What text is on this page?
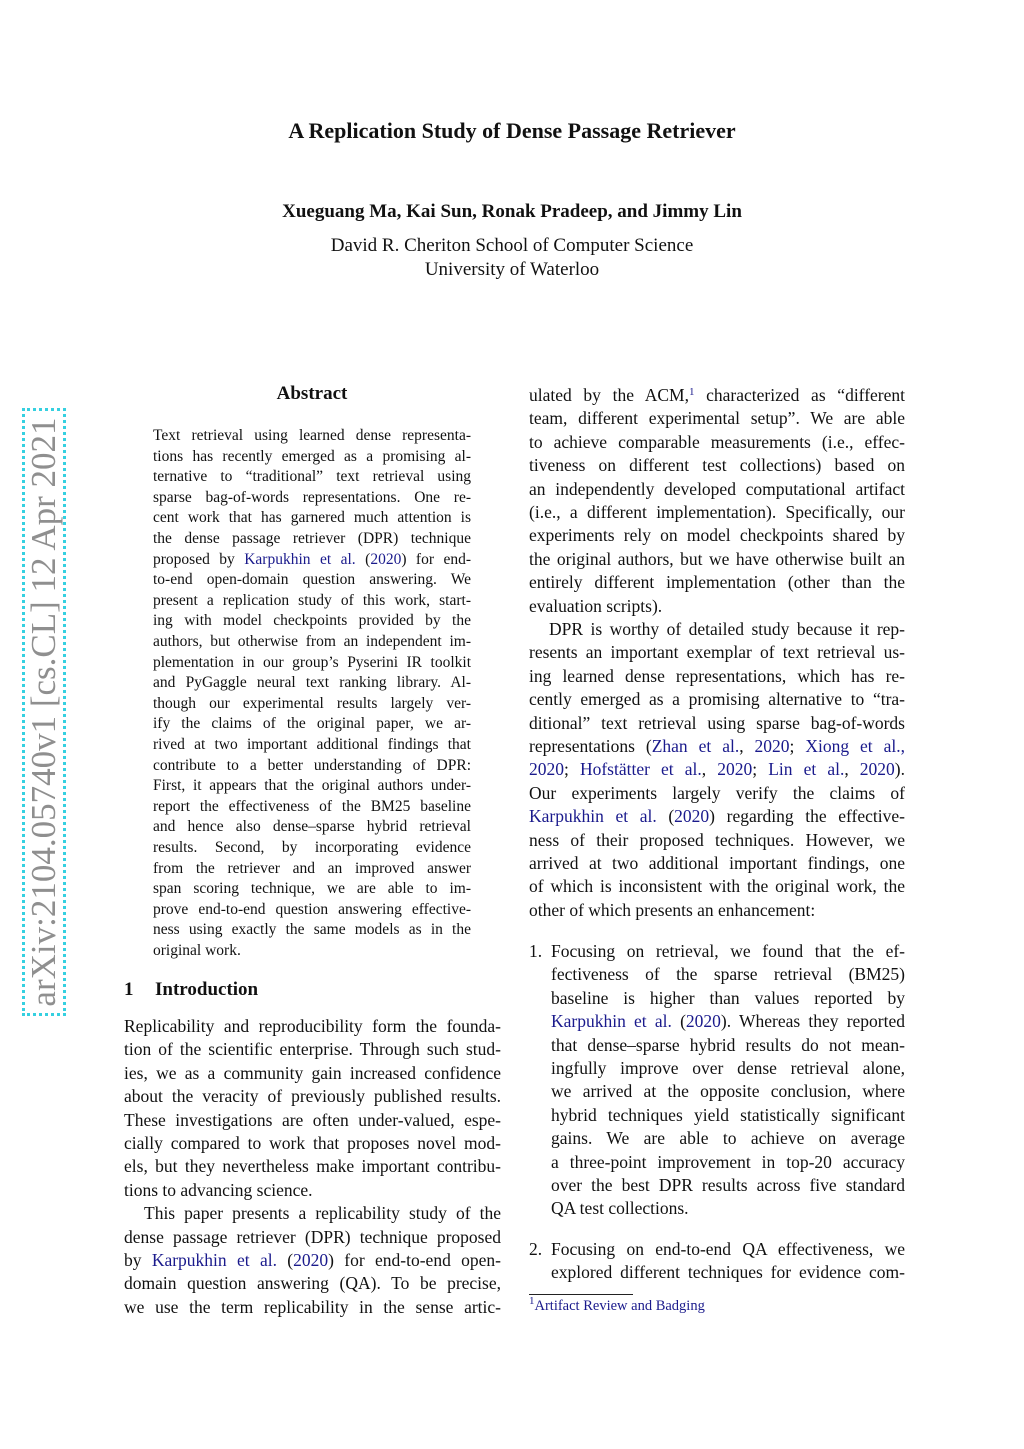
arXiv:2104.05740v1 [cs.CL] 12 Apr 2021
A Replication Study of Dense Passage Retriever
Xueguang Ma, Kai Sun, Ronak Pradeep, and Jimmy Lin
David R. Cheriton School of Computer Science
University of Waterloo
Abstract
Text retrieval using learned dense representa-
tions has recently emerged as a promising al-
ternative to “traditional” text retrieval using
sparse bag-of-words representations. One re-
cent work that has garnered much attention is
the dense passage retriever (DPR) technique
proposed by Karpukhin et al. (2020) for end-
to-end open-domain question answering. We
present a replication study of this work, start-
ing with model checkpoints provided by the
authors, but otherwise from an independent im-
plementation in our group’s Pyserini IR toolkit
and PyGaggle neural text ranking library. Al-
though our experimental results largely ver-
ify the claims of the original paper, we ar-
rived at two important additional findings that
contribute to a better understanding of DPR:
First, it appears that the original authors under-
report the effectiveness of the BM25 baseline
and hence also dense–sparse hybrid retrieval
results. Second, by incorporating evidence
from the retriever and an improved answer
span scoring technique, we are able to im-
prove end-to-end question answering effective-
ness using exactly the same models as in the
original work.
1 Introduction
Replicability and reproducibility form the founda-
tion of the scientific enterprise. Through such stud-
ies, we as a community gain increased confidence
about the veracity of previously published results.
These investigations are often under-valued, espe-
cially compared to work that proposes novel mod-
els, but they nevertheless make important contribu-
tions to advancing science.
This paper presents a replicability study of the
dense passage retriever (DPR) technique proposed
by Karpukhin et al. (2020) for end-to-end open-
domain question answering (QA). To be precise,
we use the term replicability in the sense artic-
ulated by the ACM,$^1$ characterized as “different
team, different experimental setup”. We are able
to achieve comparable measurements (i.e., effec-
tiveness on different test collections) based on
an independently developed computational artifact
(i.e., a different implementation). Specifically, our
experiments rely on model checkpoints shared by
the original authors, but we have otherwise built an
entirely different implementation (other than the
evaluation scripts).
DPR is worthy of detailed study because it rep-
resents an important exemplar of text retrieval us-
ing learned dense representations, which has re-
cently emerged as a promising alternative to “tra-
ditional” text retrieval using sparse bag-of-words
representations (Zhan et al., 2020; Xiong et al.,
2020; Hofstätter et al., 2020; Lin et al., 2020).
Our experiments largely verify the claims of
Karpukhin et al. (2020) regarding the effective-
ness of their proposed techniques. However, we
arrived at two additional important findings, one
of which is inconsistent with the original work, the
other of which presents an enhancement:
1. Focusing on retrieval, we found that the ef-
fectiveness of the sparse retrieval (BM25)
baseline is higher than values reported by
Karpukhin et al. (2020). Whereas they reported
that dense–sparse hybrid results do not mean-
ingfully improve over dense retrieval alone,
we arrived at the opposite conclusion, where
hybrid techniques yield statistically significant
gains. We are able to achieve on average
a three-point improvement in top-20 accuracy
over the best DPR results across five standard
QA test collections.
2. Focusing on end-to-end QA effectiveness, we
explored different techniques for evidence com-
$^1$Artifact Review and Badging
